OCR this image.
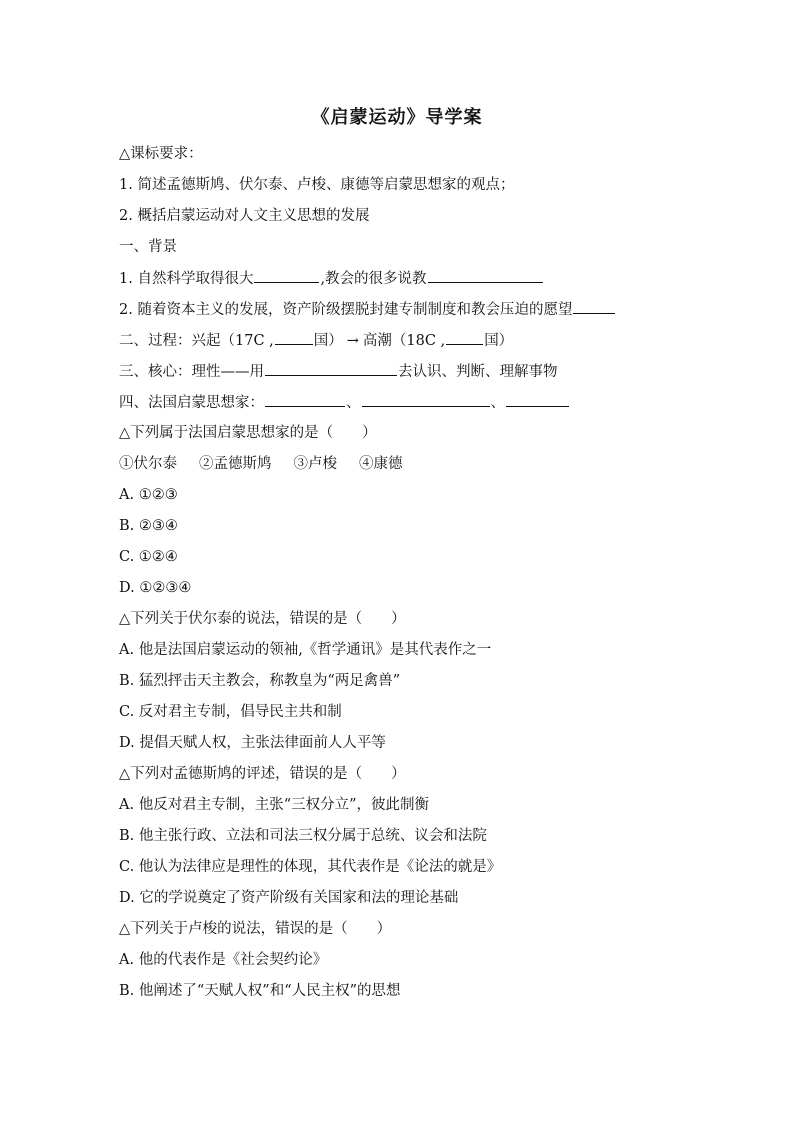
《启蒙运动》导学案
△课标要求：
1. 简述孟德斯鸠、伏尔泰、卢梭、康德等启蒙思想家的观点；
2. 概括启蒙运动对人文主义思想的发展
一、背景
1. 自然科学取得很大	,教会的很多说教
2. 随着资本主义的发展，资产阶级摆脱封建专制制度和教会压迫的愿望
二、过程：兴起（17C ,	国） → 高潮（18C ,	国）
三、核心：理性——用	去认识、判断、理解事物
四、法国启蒙思想家：	、	、
△下列属于法国启蒙思想家的是（　　）
①伏尔泰 ②孟德斯鸠 ③卢梭 ④康德
A. ①②③
B. ②③④
C. ①②④
D. ①②③④
△下列关于伏尔泰的说法，错误的是（　　）
A. 他是法国启蒙运动的领袖,《哲学通讯》是其代表作之一
B. 猛烈抨击天主教会，称教皇为“两足禽兽”
C. 反对君主专制，倡导民主共和制
D. 提倡天赋人权，主张法律面前人人平等
△下列对孟德斯鸠的评述，错误的是（　　）
A. 他反对君主专制，主张“三权分立”，彼此制衡
B. 他主张行政、立法和司法三权分属于总统、议会和法院
C. 他认为法律应是理性的体现，其代表作是《论法的就是》
D. 它的学说奠定了资产阶级有关国家和法的理论基础
△下列关于卢梭的说法，错误的是（　　）
A. 他的代表作是《社会契约论》
B. 他阐述了“天赋人权”和“人民主权”的思想
